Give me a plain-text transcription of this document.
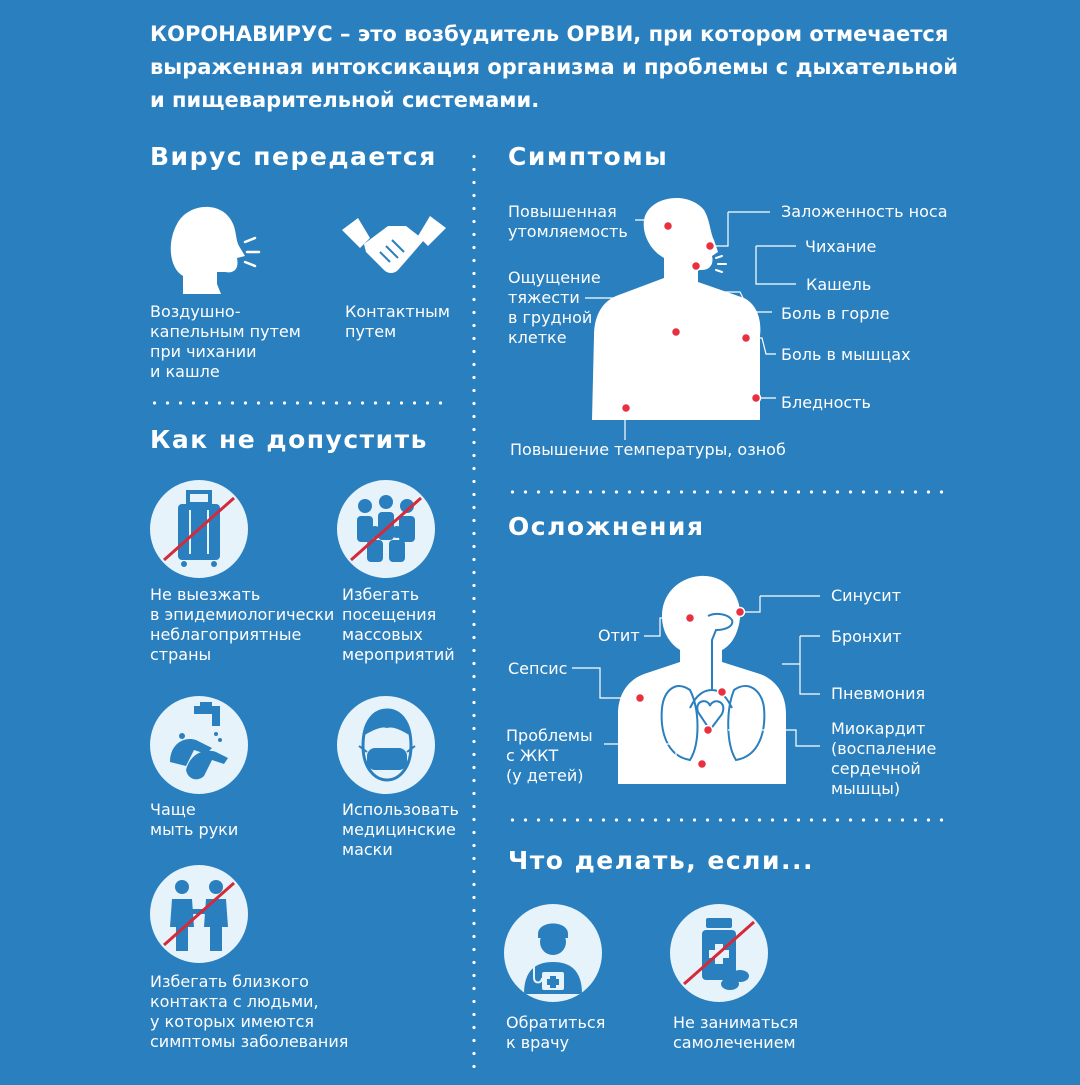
КОРОНАВИРУС – это возбудитель ОРВИ, при котором отмечается выраженная интоксикация организма и проблемы с дыхательной и пищеварительной системами.
Вирус передается
Воздушно-
капельным путем
при чихании
и кашле
Контактным
путем
Как не допустить
Не выезжать
в эпидемиологически
неблагоприятные
страны
Избегать
посещения
массовых
мероприятий
Чаще
мыть руки
Использовать
медицинские
маски
Избегать близкого
контакта с людьми,
у которых имеются
симптомы заболевания
Симптомы
Повышенная
утомляемость
Ощущение
тяжести
в грудной
клетке
Повышение температуры, озноб
Заложенность носа
Чихание
Кашель
Боль в горле
Боль в мышцах
Бледность
Осложнения
Отит
Сепсис
Проблемы
с ЖКТ
(у детей)
Синусит
Бронхит
Пневмония
Миокардит
(воспаление
сердечной
мышцы)
Что делать, если...
Обратиться
к врачу
Не заниматься
самолечением
